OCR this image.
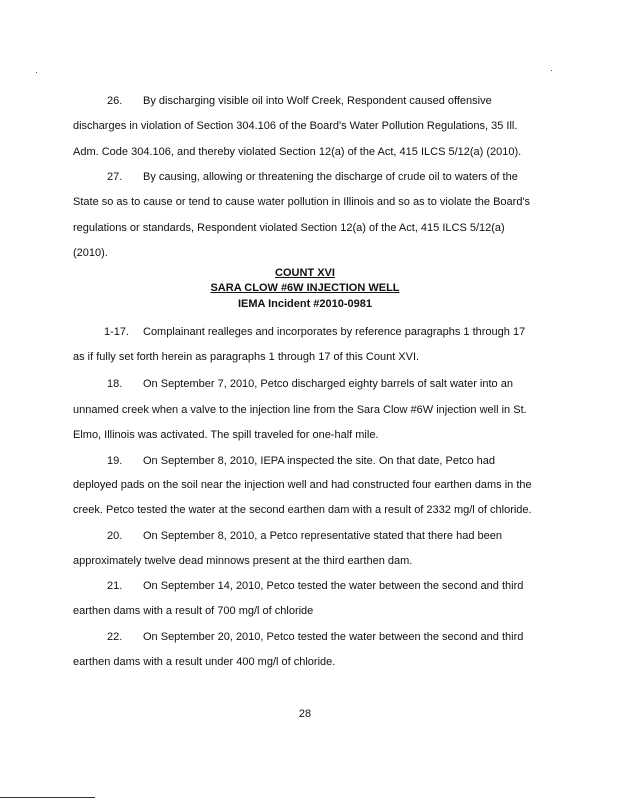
26. By discharging visible oil into Wolf Creek, Respondent caused offensive
discharges in violation of Section 304.106 of the Board's Water Pollution Regulations, 35 Ill.
Adm. Code 304.106, and thereby violated Section 12(a) of the Act, 415 ILCS 5/12(a) (2010).
27. By causing, allowing or threatening the discharge of crude oil to waters of the
State so as to cause or tend to cause water pollution in Illinois and so as to violate the Board's
regulations or standards, Respondent violated Section 12(a) of the Act, 415 ILCS 5/12(a)
(2010).
COUNT XVI
SARA CLOW #6W INJECTION WELL
IEMA Incident #2010-0981
1-17. Complainant realleges and incorporates by reference paragraphs 1 through 17
as if fully set forth herein as paragraphs 1 through 17 of this Count XVI.
18. On September 7, 2010, Petco discharged eighty barrels of salt water into an
unnamed creek when a valve to the injection line from the Sara Clow #6W injection well in St.
Elmo, Illinois was activated. The spill traveled for one-half mile.
19. On September 8, 2010, IEPA inspected the site. On that date, Petco had
deployed pads on the soil near the injection well and had constructed four earthen dams in the
creek. Petco tested the water at the second earthen dam with a result of 2332 mg/l of chloride.
20. On September 8, 2010, a Petco representative stated that there had been
approximately twelve dead minnows present at the third earthen dam.
21. On September 14, 2010, Petco tested the water between the second and third
earthen dams with a result of 700 mg/l of chloride
22. On September 20, 2010, Petco tested the water between the second and third
earthen dams with a result under 400 mg/l of chloride.
28
